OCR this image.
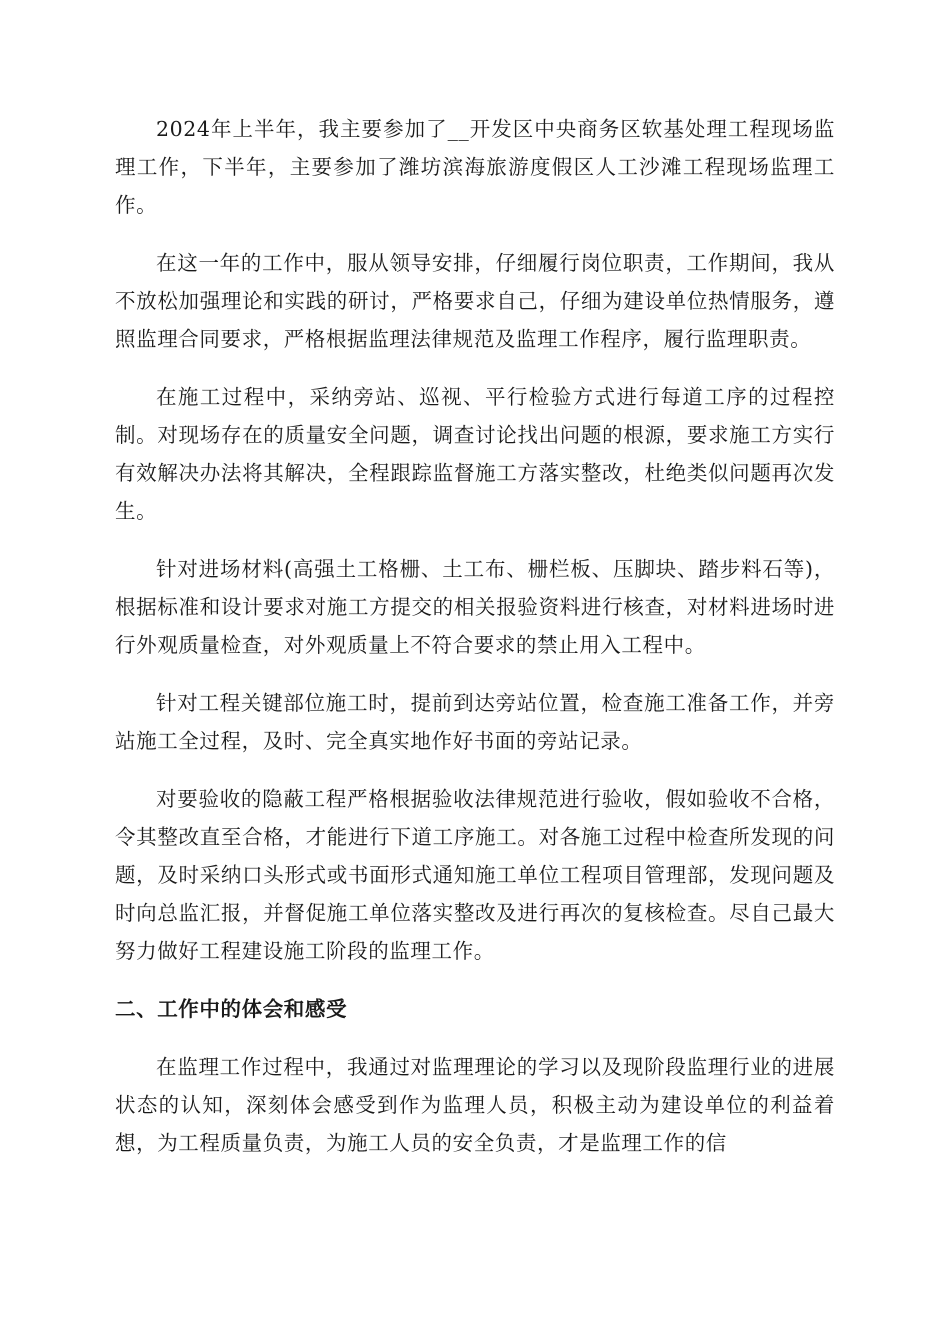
2024年上半年，我主要参加了__开发区中央商务区软基处理工程现场监理工作，下半年，主要参加了潍坊滨海旅游度假区人工沙滩工程现场监理工作。

在这一年的工作中，服从领导安排，仔细履行岗位职责，工作期间，我从不放松加强理论和实践的研讨，严格要求自己，仔细为建设单位热情服务，遵照监理合同要求，严格根据监理法律规范及监理工作程序，履行监理职责。

在施工过程中，采纳旁站、巡视、平行检验方式进行每道工序的过程控制。对现场存在的质量安全问题，调查讨论找出问题的根源，要求施工方实行有效解决办法将其解决，全程跟踪监督施工方落实整改，杜绝类似问题再次发生。

针对进场材料(高强土工格栅、土工布、栅栏板、压脚块、踏步料石等)，根据标准和设计要求对施工方提交的相关报验资料进行核查，对材料进场时进行外观质量检查，对外观质量上不符合要求的禁止用入工程中。

针对工程关键部位施工时，提前到达旁站位置，检查施工准备工作，并旁站施工全过程，及时、完全真实地作好书面的旁站记录。

对要验收的隐蔽工程严格根据验收法律规范进行验收，假如验收不合格，令其整改直至合格，才能进行下道工序施工。对各施工过程中检查所发现的问题，及时采纳口头形式或书面形式通知施工单位工程项目管理部，发现问题及时向总监汇报，并督促施工单位落实整改及进行再次的复核检查。尽自己最大努力做好工程建设施工阶段的监理工作。

二、工作中的体会和感受

在监理工作过程中，我通过对监理理论的学习以及现阶段监理行业的进展状态的认知，深刻体会感受到作为监理人员，积极主动为建设单位的利益着想，为工程质量负责，为施工人员的安全负责，才是监理工作的信
